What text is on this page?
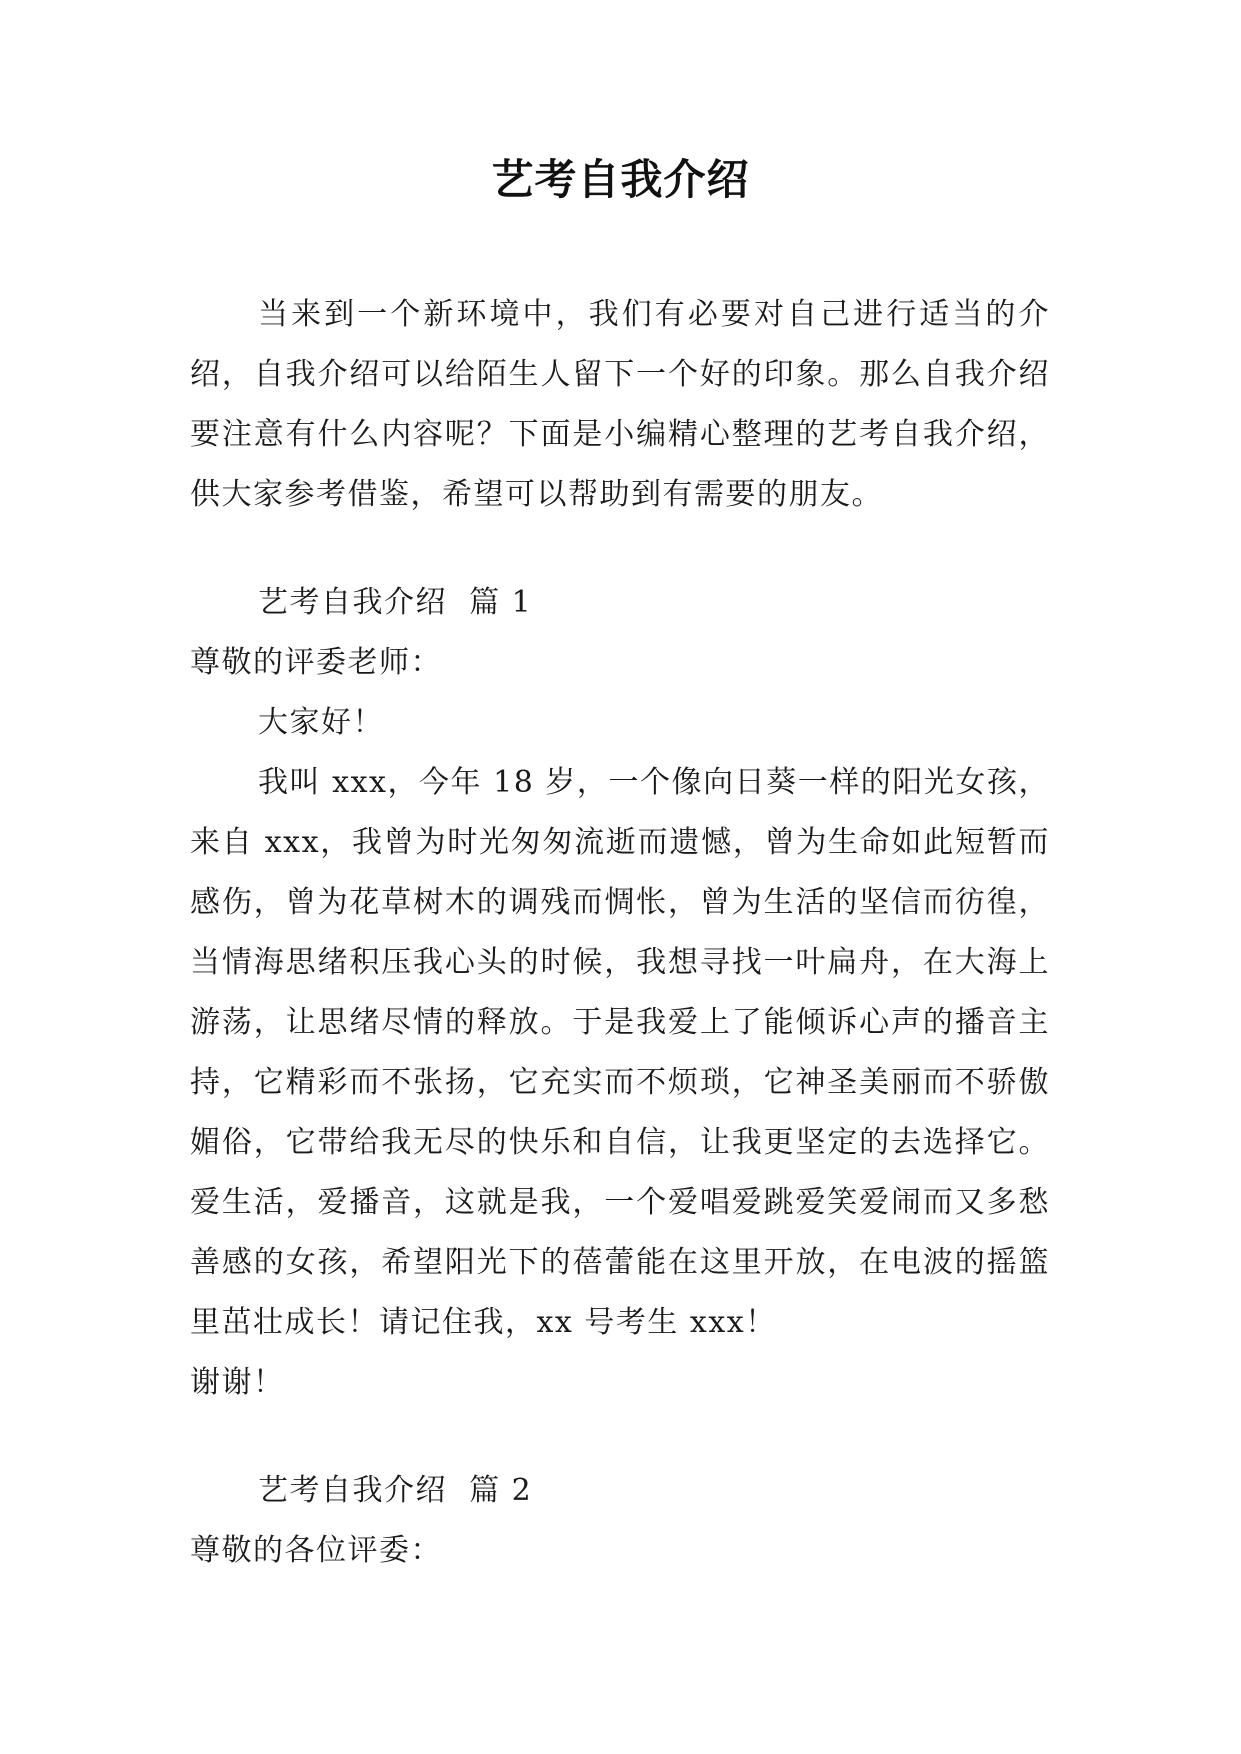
艺考自我介绍

当来到一个新环境中，我们有必要对自己进行适当的介绍，自我介绍可以给陌生人留下一个好的印象。那么自我介绍要注意有什么内容呢？下面是小编精心整理的艺考自我介绍，供大家参考借鉴，希望可以帮助到有需要的朋友。

艺考自我介绍  篇 1

尊敬的评委老师：

大家好！

我叫 xxx，今年 18 岁，一个像向日葵一样的阳光女孩，来自 xxx，我曾为时光匆匆流逝而遗憾，曾为生命如此短暂而感伤，曾为花草树木的调残而惆怅，曾为生活的坚信而彷徨，当情海思绪积压我心头的时候，我想寻找一叶扁舟，在大海上游荡，让思绪尽情的释放。于是我爱上了能倾诉心声的播音主持，它精彩而不张扬，它充实而不烦琐，它神圣美丽而不骄傲媚俗，它带给我无尽的快乐和自信，让我更坚定的去选择它。爱生活，爱播音，这就是我，一个爱唱爱跳爱笑爱闹而又多愁善感的女孩，希望阳光下的蓓蕾能在这里开放，在电波的摇篮里茁壮成长！请记住我，xx 号考生 xxx！

谢谢！

艺考自我介绍  篇 2

尊敬的各位评委：
